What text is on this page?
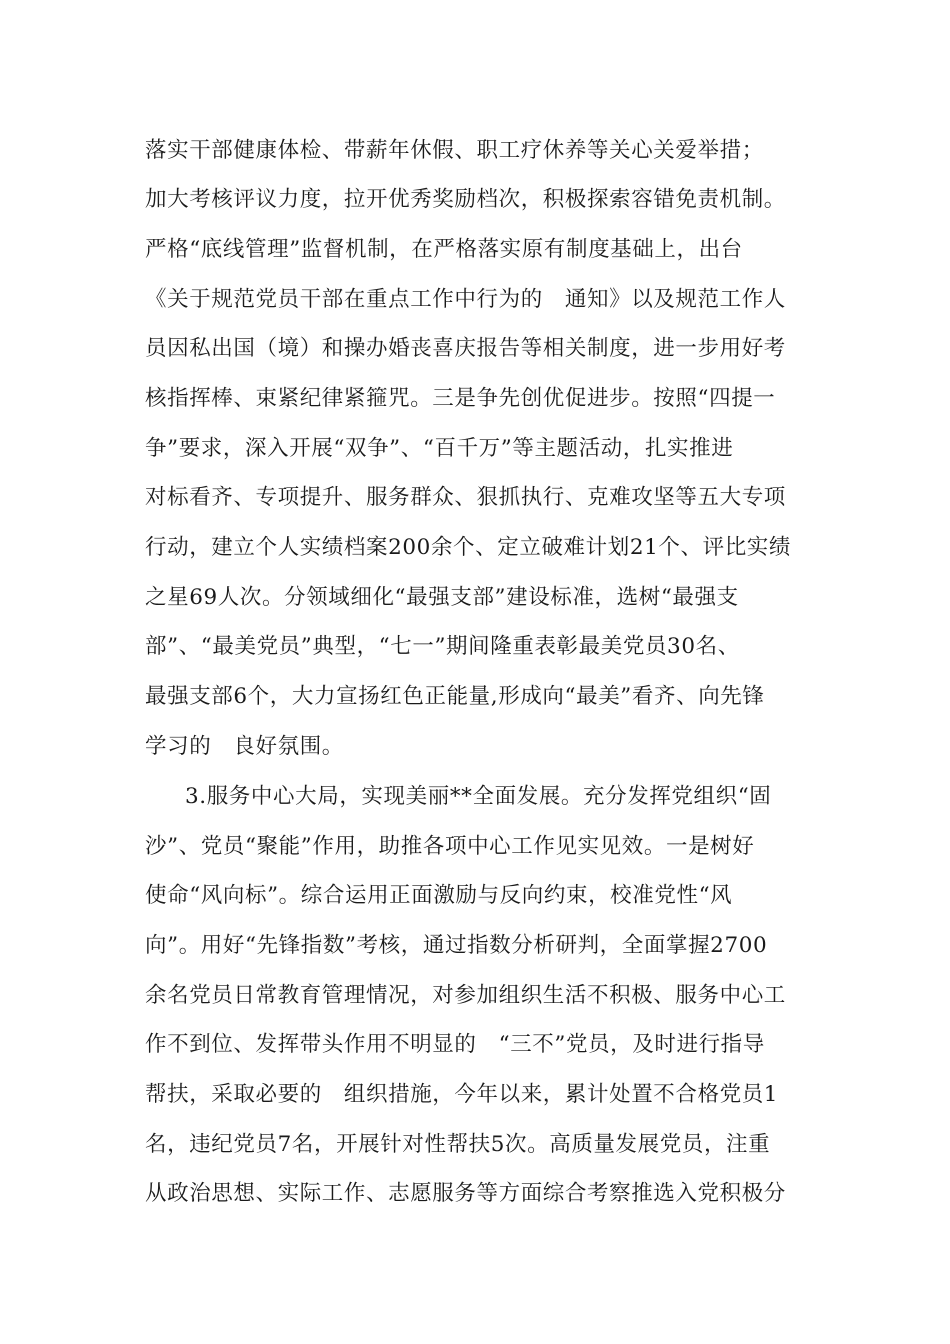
落实干部健康体检、带薪年休假、职工疗休养等关心关爱举措；
加大考核评议力度，拉开优秀奖励档次，积极探索容错免责机制。
严格“底线管理”监督机制，在严格落实原有制度基础上，出台
《关于规范党员干部在重点工作中行为的　通知》以及规范工作人
员因私出国（境）和操办婚丧喜庆报告等相关制度，进一步用好考
核指挥棒、束紧纪律紧箍咒。三是争先创优促进步。按照“四提一
争”要求，深入开展“双争”、“百千万”等主题活动，扎实推进
对标看齐、专项提升、服务群众、狠抓执行、克难攻坚等五大专项
行动，建立个人实绩档案200余个、定立破难计划21个、评比实绩
之星69人次。分领域细化“最强支部”建设标准，选树“最强支
部”、“最美党员”典型，“七一”期间隆重表彰最美党员30名、
最强支部6个，大力宣扬红色正能量,形成向“最美”看齐、向先锋
学习的　良好氛围。
3.服务中心大局，实现美丽**全面发展。充分发挥党组织“固
沙”、党员“聚能”作用，助推各项中心工作见实见效。一是树好
使命“风向标”。综合运用正面激励与反向约束，校准党性“风
向”。用好“先锋指数”考核，通过指数分析研判，全面掌握2700
余名党员日常教育管理情况，对参加组织生活不积极、服务中心工
作不到位、发挥带头作用不明显的　“三不”党员，及时进行指导
帮扶，采取必要的　组织措施，今年以来，累计处置不合格党员1
名，违纪党员7名，开展针对性帮扶5次。高质量发展党员，注重
从政治思想、实际工作、志愿服务等方面综合考察推选入党积极分
